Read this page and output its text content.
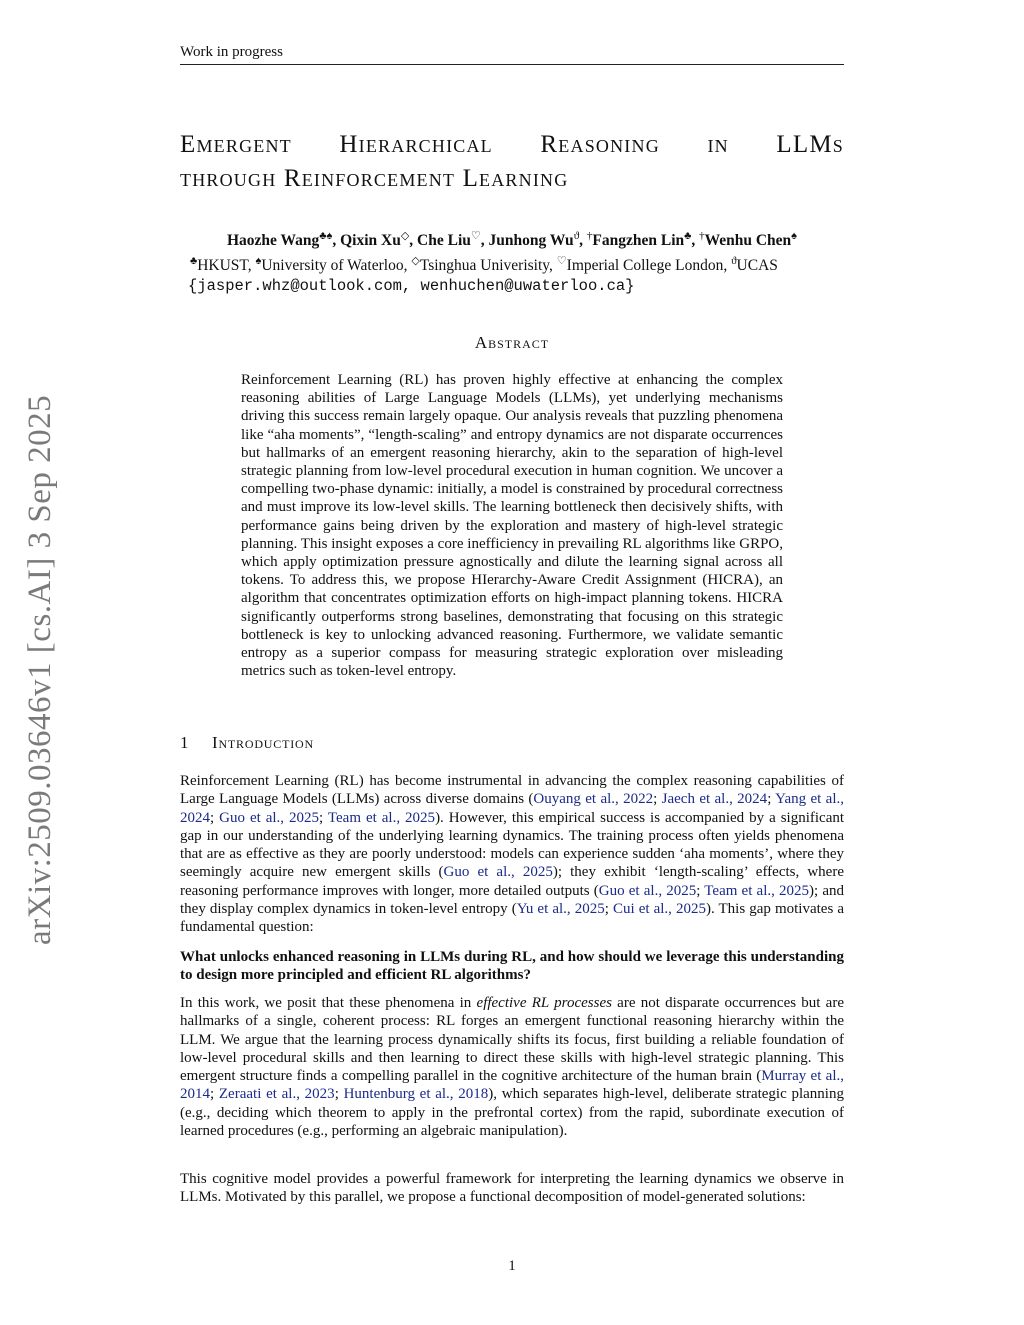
Work in progress
arXiv:2509.03646v1 [cs.AI] 3 Sep 2025
Emergent Hierarchical Reasoning in LLMs
through Reinforcement Learning
Haozhe Wang♣♠, Qixin Xu◇, Che Liu♡, Junhong $Wu^ϑ$, †Fangzhen Lin♣, †Wenhu Chen♠
♣HKUST, ♠University of Waterloo, ◇Tsinghua Univerisity, ♡Imperial College London, $^ϑ$UCAS
{jasper.whz@outlook.com, wenhuchen@uwaterloo.ca}
Abstract

Reinforcement Learning (RL) has proven highly effective at enhancing the complex reasoning abilities of Large Language Models (LLMs), yet underlying mechanisms driving this success remain largely opaque. Our analysis reveals that puzzling phenomena like “aha moments”, “length-scaling” and entropy dynamics are not disparate occurrences but hallmarks of an emergent reasoning hierarchy, akin to the separation of high-level strategic planning from low-level procedural execution in human cognition. We uncover a compelling two-phase dynamic: initially, a model is constrained by procedural correctness and must improve its low-level skills. The learning bottleneck then decisively shifts, with performance gains being driven by the exploration and mastery of high-level strategic planning. This insight exposes a core inefficiency in prevailing RL algorithms like GRPO, which apply optimization pressure agnostically and dilute the learning signal across all tokens. To address this, we propose HIerarchy-Aware Credit Assignment (HICRA), an algorithm that concentrates optimization efforts on high-impact planning tokens. HICRA significantly outperforms strong baselines, demonstrating that focusing on this strategic bottleneck is key to unlocking advanced reasoning. Furthermore, we validate semantic entropy as a superior compass for measuring strategic exploration over misleading metrics such as token-level entropy.

1 Introduction

Reinforcement Learning (RL) has become instrumental in advancing the complex reasoning capabilities of Large Language Models (LLMs) across diverse domains (Ouyang et al., 2022; Jaech et al., 2024; Yang et al., 2024; Guo et al., 2025; Team et al., 2025). However, this empirical success is accompanied by a significant gap in our understanding of the underlying learning dynamics. The training process often yields phenomena that are as effective as they are poorly understood: models can experience sudden ‘aha moments’, where they seemingly acquire new emergent skills (Guo et al., 2025); they exhibit ‘length-scaling’ effects, where reasoning performance improves with longer, more detailed outputs (Guo et al., 2025; Team et al., 2025); and they display complex dynamics in token-level entropy (Yu et al., 2025; Cui et al., 2025). This gap motivates a fundamental question:

What unlocks enhanced reasoning in LLMs during RL, and how should we leverage this understanding to design more principled and efficient RL algorithms?

In this work, we posit that these phenomena in effective RL processes are not disparate occurrences but are hallmarks of a single, coherent process: RL forges an emergent functional reasoning hierarchy within the LLM. We argue that the learning process dynamically shifts its focus, first building a reliable foundation of low-level procedural skills and then learning to direct these skills with high-level strategic planning. This emergent structure finds a compelling parallel in the cognitive architecture of the human brain (Murray et al., 2014; Zeraati et al., 2023; Huntenburg et al., 2018), which separates high-level, deliberate strategic planning (e.g., deciding which theorem to apply in the prefrontal cortex) from the rapid, subordinate execution of learned procedures (e.g., performing an algebraic manipulation).

This cognitive model provides a powerful framework for interpreting the learning dynamics we observe in LLMs. Motivated by this parallel, we propose a functional decomposition of model-generated solutions:

1
